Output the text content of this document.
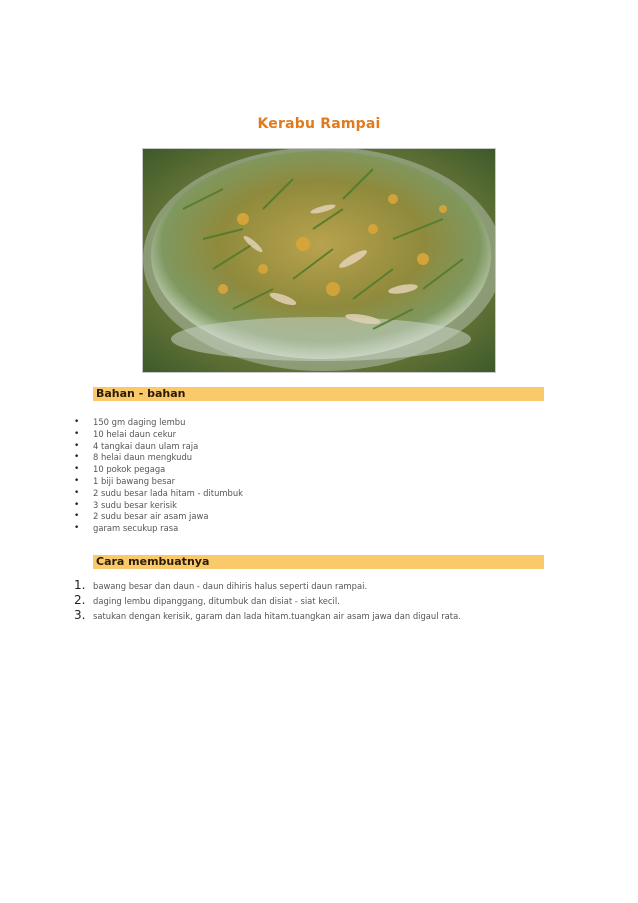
Kerabu Rampai
Bahan - bahan
• 150 gm daging lembu
• 10 helai daun cekur
• 4 tangkai daun ulam raja
• 8 helai daun mengkudu
• 10 pokok pegaga
• 1 biji bawang besar
• 2 sudu besar lada hitam - ditumbuk
• 3 sudu besar kerisik
• 2 sudu besar air asam jawa
• garam secukup rasa
Cara membuatnya
1. bawang besar dan daun - daun dihiris halus seperti daun rampai.
2. daging lembu dipanggang, ditumbuk dan disiat - siat kecil.
3. satukan dengan kerisik, garam dan lada hitam.tuangkan air asam jawa dan digaul rata.
